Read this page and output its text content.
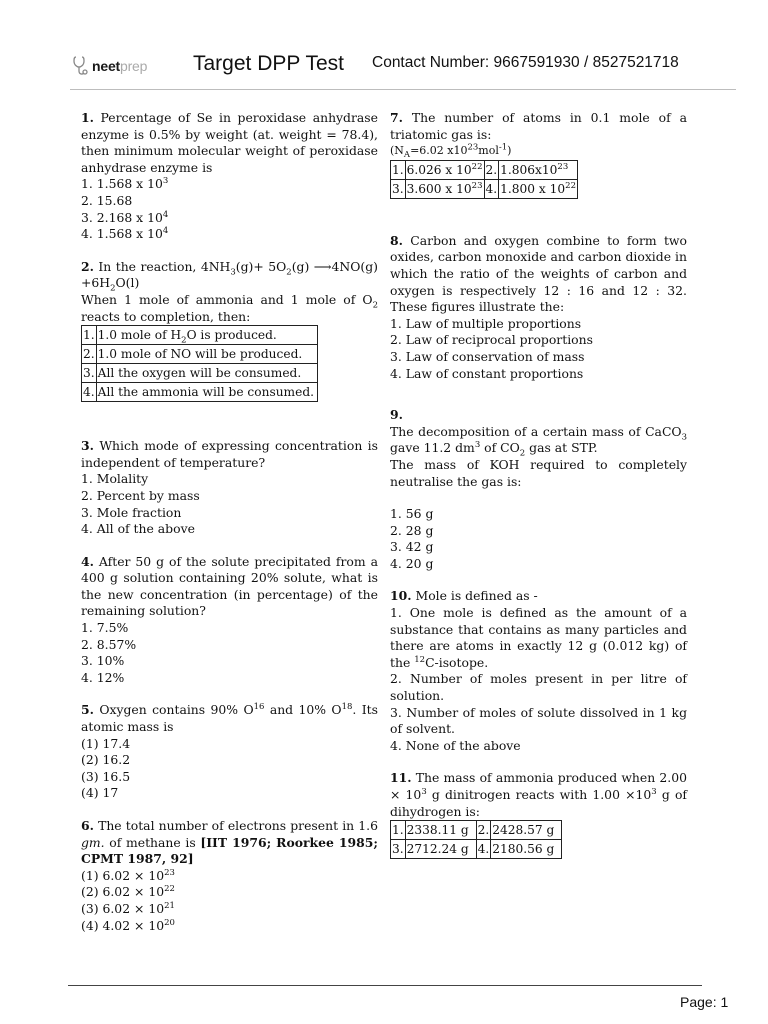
neetprep Target DPP Test Contact Number: 9667591930 / 8527521718

1. Percentage of Se in peroxidase anhydrase enzyme is 0.5% by weight (at. weight = 78.4), then minimum molecular weight of peroxidase anhydrase enzyme is

1. 1.568 x $10^3$

2. 15.68

3. 2.168 x $10^4$

4. 1.568 x $10^4$

2. In the reaction, $4NH_3(g)+ 5O_2(g)$ ⟶4NO(g) $+6H_2O(l)$

When 1 mole of ammonia and 1 mole of $O_2$ reacts to completion, then:

1.	1.0 mole of $H_2O$ is produced.
2.	1.0 mole of NO will be produced.
3.	All the oxygen will be consumed.
4.	All the ammonia will be consumed.

3. Which mode of expressing concentration is independent of temperature?

1. Molality

2. Percent by mass

3. Mole fraction

4. All of the above

4. After 50 g of the solute precipitated from a 400 g solution containing 20% solute, what is the new concentration (in percentage) of the remaining solution?

1. 7.5%

2. 8.57%

3. 10%

4. 12%

5. Oxygen contains 90% $O^{16}$ and 10% $O^{18}$. Its atomic mass is

(1) 17.4

(2) 16.2

(3) 16.5

(4) 17

6. The total number of electrons present in 1.6 gm. of methane is [IIT 1976; Roorkee 1985; CPMT 1987, 92]

(1) $6.02 \times 10^{23}$

(2) $6.02 \times 10^{22}$

(3) $6.02 \times 10^{21}$

(4) $4.02 \times 10^{20}$

7. The number of atoms in 0.1 mole of a triatomic gas is:

($N_A=6.02$ $x10^{23}mol^{-1}$)

1.	6.026 x $10^{22}$	2.	$1.806x10^{23}$
3.	3.600 x $10^{23}$	4.	1.800 x $10^{22}$

8. Carbon and oxygen combine to form two oxides, carbon monoxide and carbon dioxide in which the ratio of the weights of carbon and oxygen is respectively 12 : 16 and 12 : 32. These figures illustrate the:

1. Law of multiple proportions

2. Law of reciprocal proportions

3. Law of conservation of mass

4. Law of constant proportions

9.

The decomposition of a certain mass of CaCO$_3$ gave 11.2 $dm^3$ of $CO_2$ gas at STP.

The mass of KOH required to completely neutralise the gas is:

1. 56 g

2. 28 g

3. 42 g

4. 20 g

10. Mole is defined as -

1. One mole is defined as the amount of a substance that contains as many particles and there are atoms in exactly 12 g (0.012 kg) of the $^{12}$C-isotope.

2. Number of moles present in per litre of solution.

3. Number of moles of solute dissolved in 1 kg of solvent.

4. None of the above

11. The mass of ammonia produced when $2.00 \times 10^3$ g dinitrogen reacts with $1.00 \times 10^3$ g of dihydrogen is:

1.	2338.11 g	2.	2428.57 g
3.	2712.24 g	4.	2180.56 g
Page: 1
